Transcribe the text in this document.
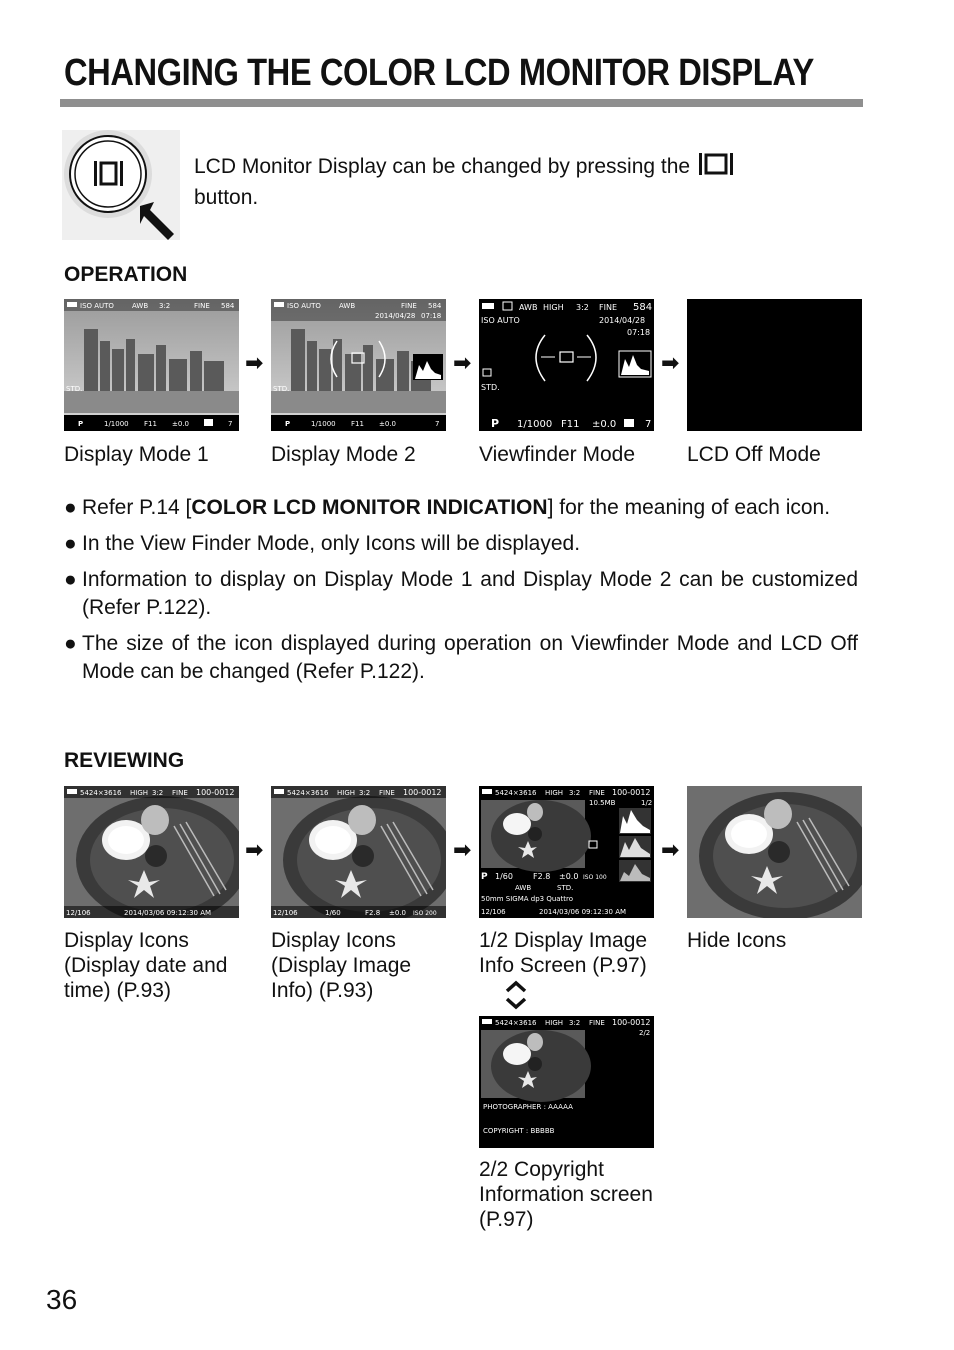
CHANGING THE COLOR LCD MONITOR DISPLAY
LCD Monitor Display can be changed by pressing the
button.
OPERATION
ISO AUTO	AWB 3:2	FINE 584
STD.
P	1/1000 F11 ±0.0	7
➡
ISO AUTO	AWB	FINE 584
2014/04/28 07:18
STD.
P	1/1000 F11 ±0.0	7
➡
AWB HIGH 3:2 FINE 584
ISO AUTO	2014/04/28
07:18
STD.
P 1/1000 F11 ±0.0	7
➡
Display Mode 1	Display Mode 2	Viewfinder Mode LCD Off Mode
● Refer P.14 [COLOR LCD MONITOR INDICATION] for the meaning of each icon.
● In the View Finder Mode, only Icons will be displayed.
● Information to display on Display Mode 1 and Display Mode 2 can be customized (Refer P.122).
● The size of the icon displayed during operation on Viewfinder Mode and LCD Off Mode can be changed (Refer P.122).
REVIEWING
5424×3616 HIGH 3:2 FINE 100-0012
12/106	2014/03/06 09:12:30 AM
➡
5424×3616 HIGH 3:2 FINE 100-0012
12/106	1/60	F2.8 ±0.0 ISO 200
➡
5424×3616 HIGH 3:2 FINE 100-0012
10.5MB	1/2
P 1/60	F2.8 ±0.0 ISO 100
AWB	STD.
50mm SIGMA dp3 Quattro
12/106	2014/03/06 09:12:30 AM
➡
Display Icons
(Display date and
time) (P.93)
Display Icons
(Display Image
Info) (P.93)
1/2 Display Image
Info Screen (P.97)
Hide Icons
5424×3616 HIGH 3:2 FINE 100-0012
2/2
PHOTOGRAPHER : AAAAA
COPYRIGHT : BBBBB
2/2 Copyright
Information screen
(P.97)
36
